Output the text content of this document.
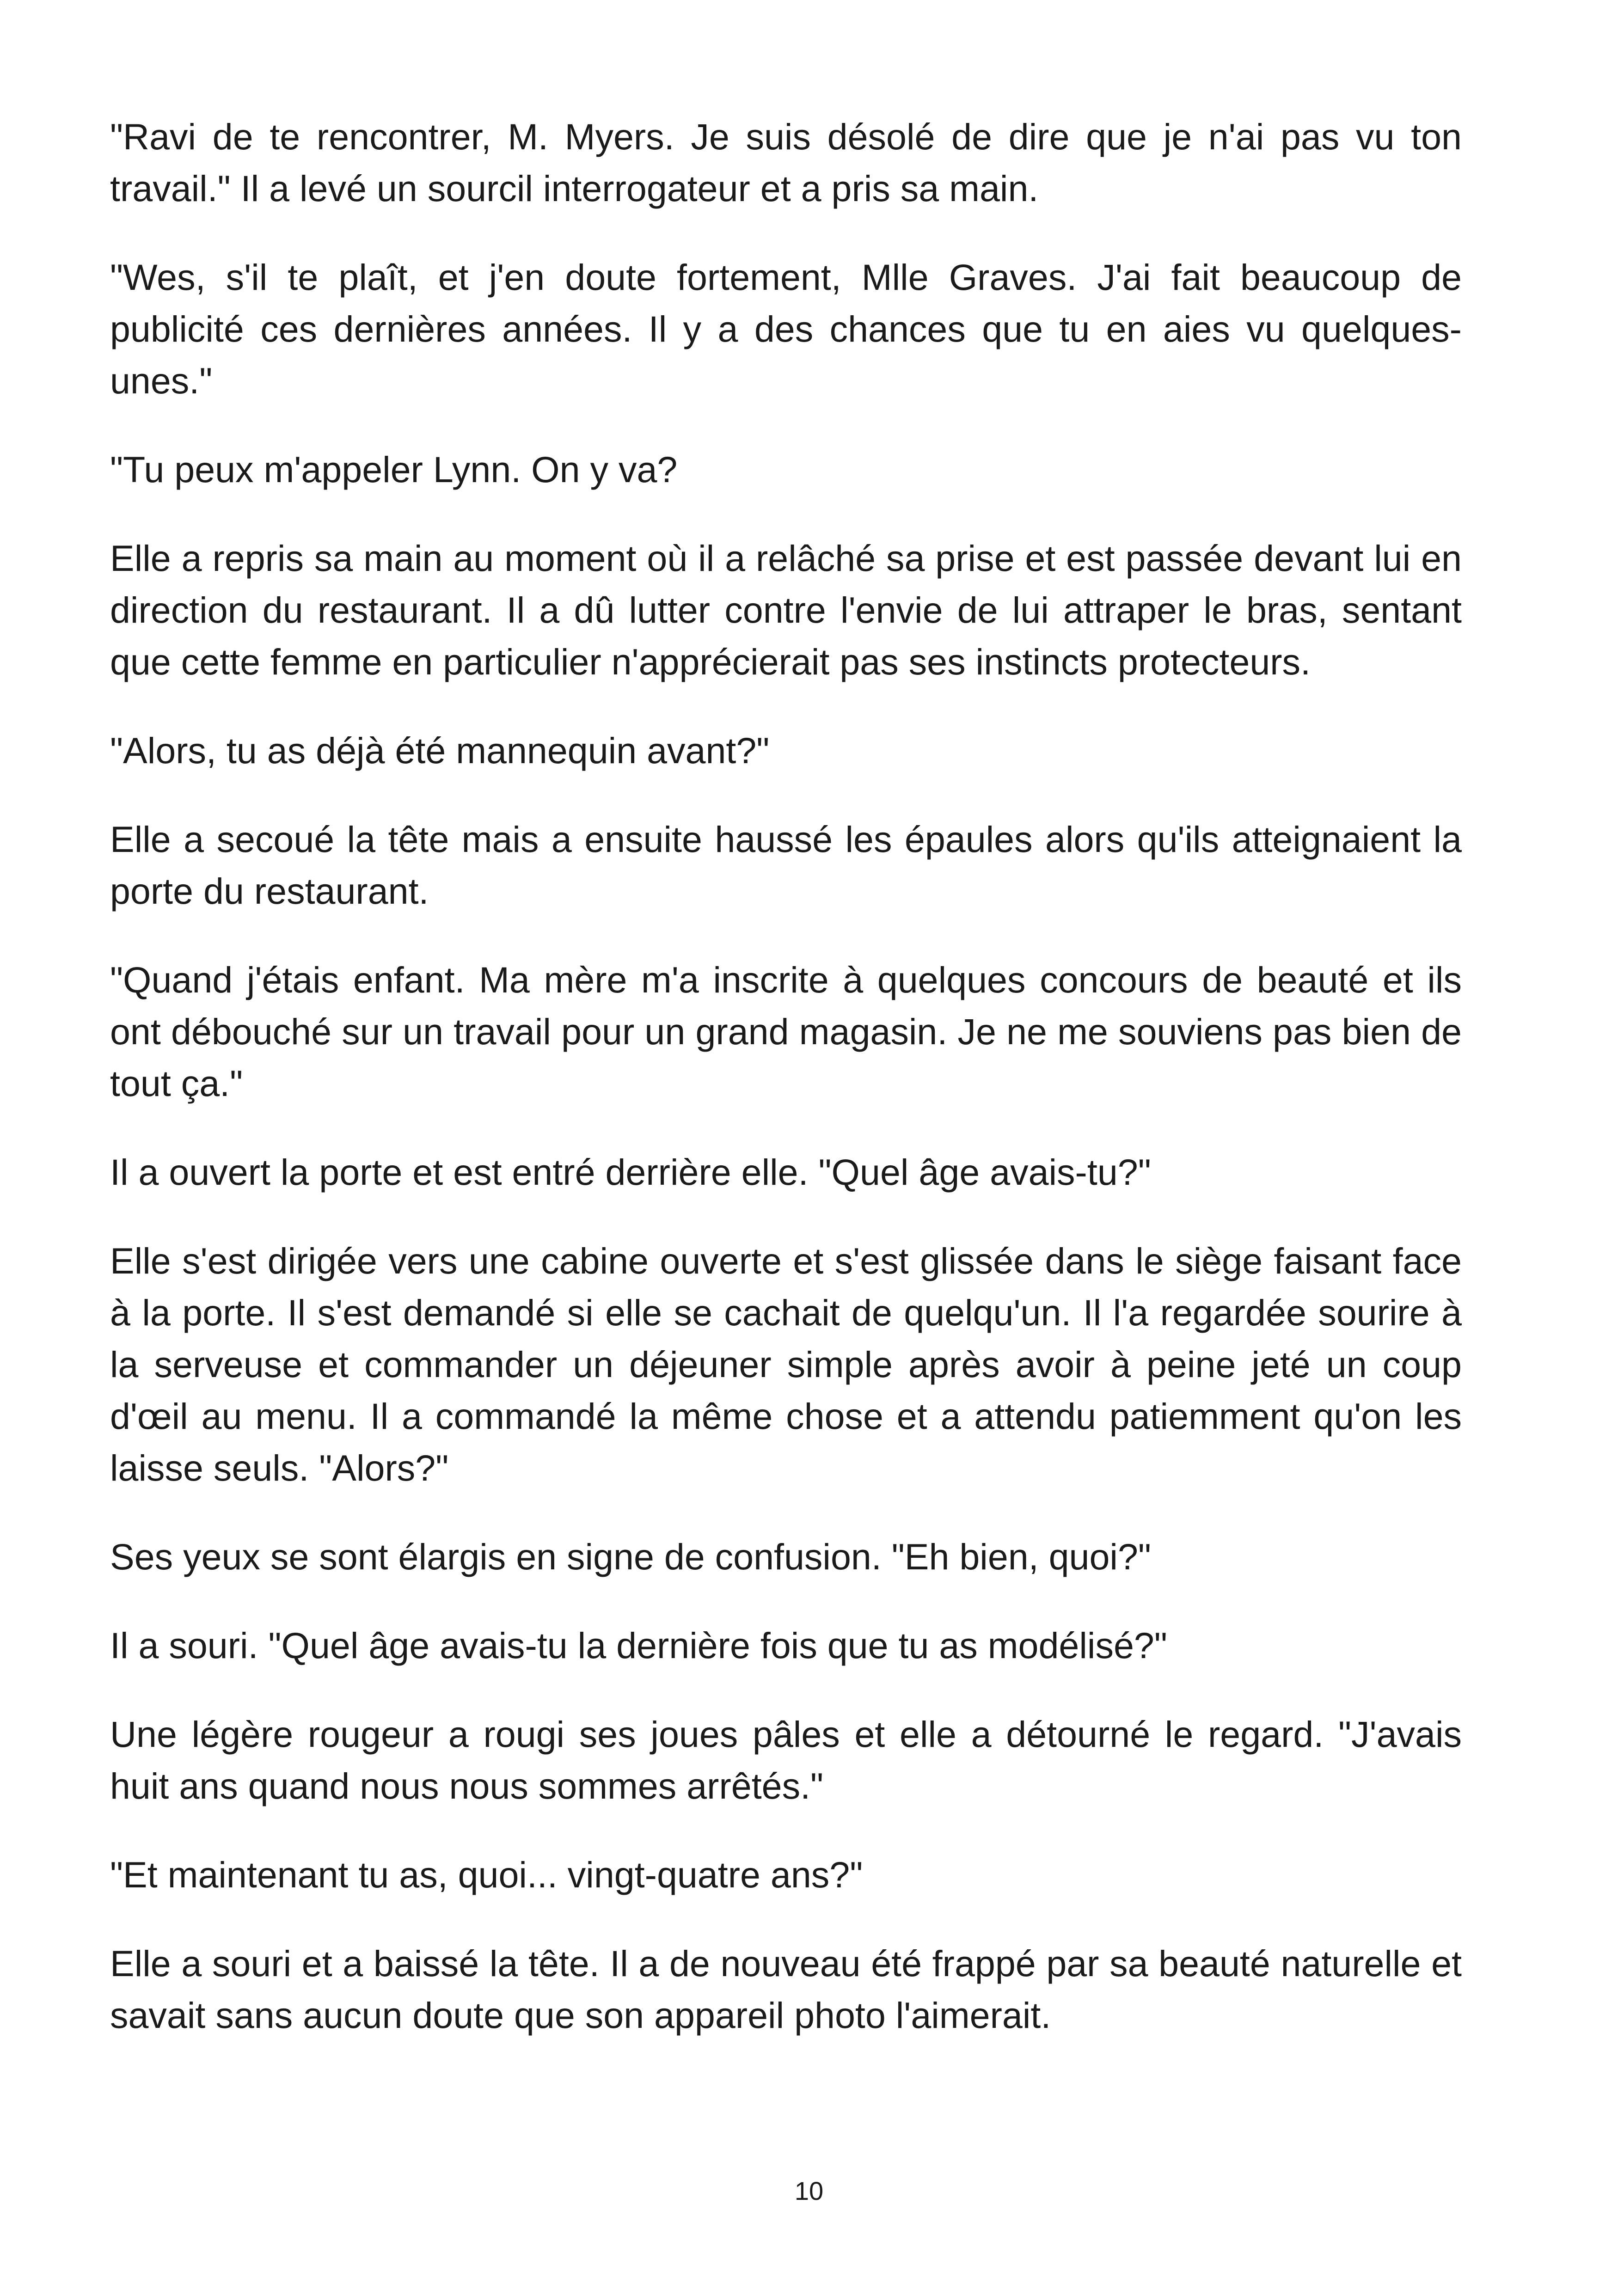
"Ravi de te rencontrer, M. Myers. Je suis désolé de dire que je n'ai pas vu ton travail." Il a levé un sourcil interrogateur et a pris sa main.

"Wes, s'il te plaît, et j'en doute fortement, Mlle Graves. J'ai fait beaucoup de publicité ces dernières années. Il y a des chances que tu en aies vu quelques-unes."

"Tu peux m'appeler Lynn. On y va?

Elle a repris sa main au moment où il a relâché sa prise et est passée devant lui en direction du restaurant. Il a dû lutter contre l'envie de lui attraper le bras, sentant que cette femme en particulier n'apprécierait pas ses instincts protecteurs.

"Alors, tu as déjà été mannequin avant?"

Elle a secoué la tête mais a ensuite haussé les épaules alors qu'ils atteignaient la porte du restaurant.

"Quand j'étais enfant. Ma mère m'a inscrite à quelques concours de beauté et ils ont débouché sur un travail pour un grand magasin. Je ne me souviens pas bien de tout ça."

Il a ouvert la porte et est entré derrière elle. "Quel âge avais-tu?"

Elle s'est dirigée vers une cabine ouverte et s'est glissée dans le siège faisant face à la porte. Il s'est demandé si elle se cachait de quelqu'un. Il l'a regardée sourire à la serveuse et commander un déjeuner simple après avoir à peine jeté un coup d'œil au menu. Il a commandé la même chose et a attendu patiemment qu'on les laisse seuls. "Alors?"

Ses yeux se sont élargis en signe de confusion. "Eh bien, quoi?"

Il a souri. "Quel âge avais-tu la dernière fois que tu as modélisé?"

Une légère rougeur a rougi ses joues pâles et elle a détourné le regard. "J'avais huit ans quand nous nous sommes arrêtés."

"Et maintenant tu as, quoi... vingt-quatre ans?"

Elle a souri et a baissé la tête. Il a de nouveau été frappé par sa beauté naturelle et savait sans aucun doute que son appareil photo l'aimerait.

10
